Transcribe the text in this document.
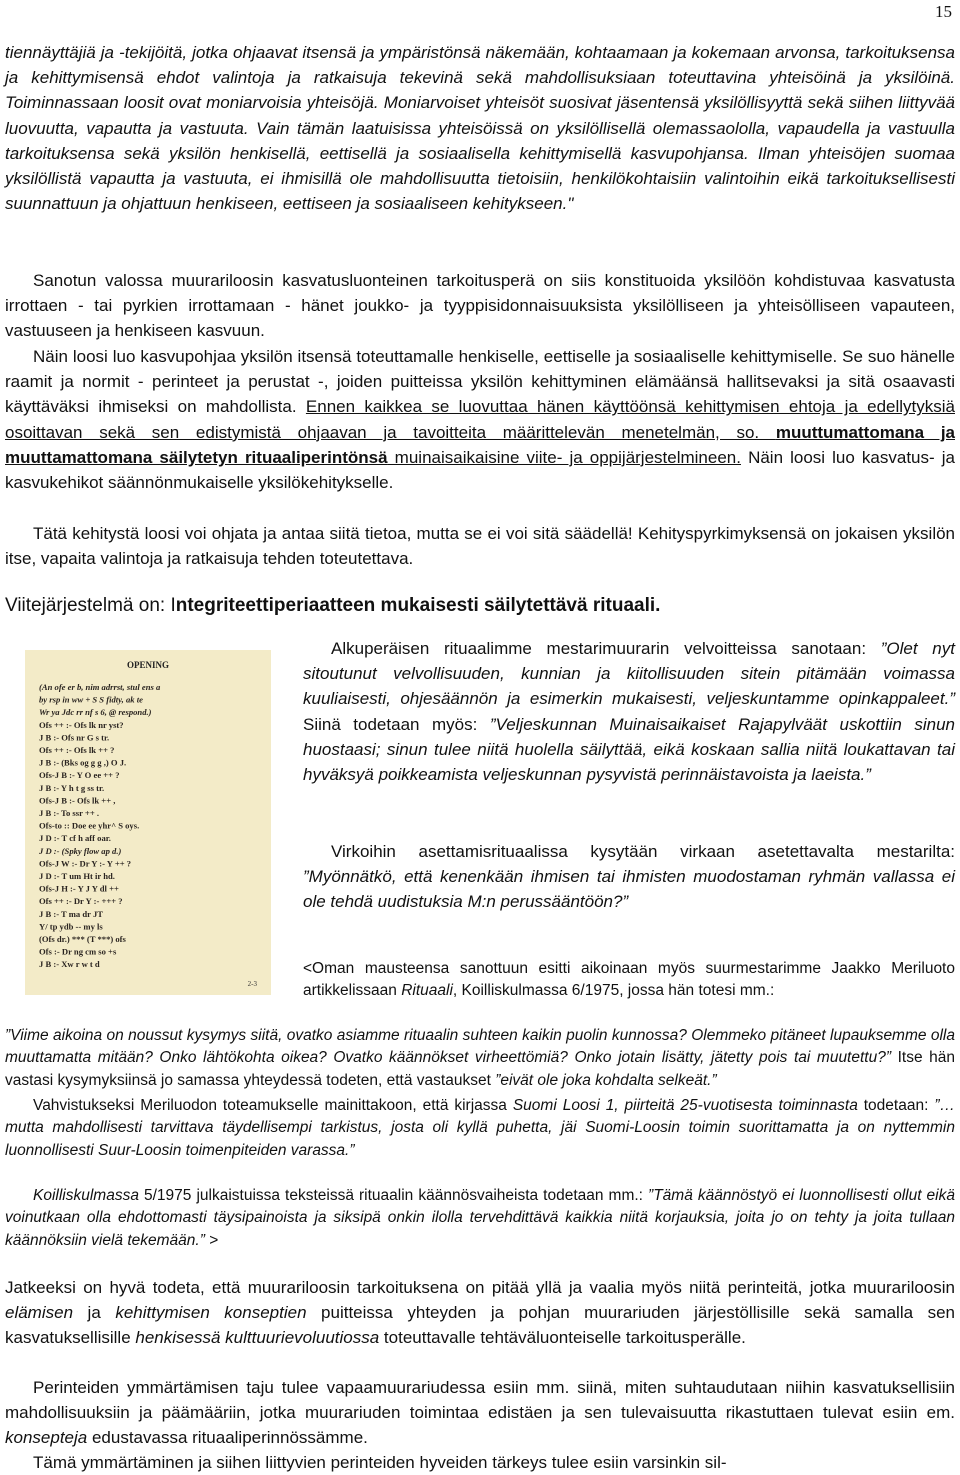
15

tiennäyttäjiä ja -tekijöitä, jotka ohjaavat itsensä ja ympäristönsä näkemään, kohtaamaan ja kokemaan arvonsa, tarkoituksensa ja kehittymisensä ehdot valintoja ja ratkaisuja tekevinä sekä mahdollisuksiaan toteuttavina yhteisöinä ja yksilöinä. Toiminnassaan loosit ovat moniarvoisia yhteisöjä. Moniarvoiset yhteisöt suosivat jäsentensä yksilöllisyyttä sekä siihen liittyvää luovuutta, vapautta ja vastuuta. Vain tämän laatuisissa yhteisöissä on yksilöllisellä olemassaololla, vapaudella ja vastuulla tarkoituksensa sekä yksilön henkisellä, eettisellä ja sosiaalisella kehittymisellä kasvupohjansa. Ilman yhteisöjen suomaa yksilöllistä vapautta ja vastuuta, ei ihmisillä ole mahdollisuutta tietoisiin, henkilökohtaisiin valintoihin eikä tarkoituksellisesti suunnattuun ja ohjattuun henkiseen, eettiseen ja sosiaaliseen kehitykseen."

Sanotun valossa muurariloosin kasvatusluonteinen tarkoitusperä on siis konstituoida yksilöön kohdistuvaa kasvatusta irrottaen - tai pyrkien irrottamaan - hänet joukko- ja tyyppisidonnaisuuksista yksilölliseen ja yhteisölliseen vapauteen, vastuuseen ja henkiseen kasvuun.

Näin loosi luo kasvupohjaa yksilön itsensä toteuttamalle henkiselle, eettiselle ja sosiaaliselle kehittymiselle. Se suo hänelle raamit ja normit - perinteet ja perustat -, joiden puitteissa yksilön kehittyminen elämäänsä hallitsevaksi ja sitä osaavasti käyttäväksi ihmiseksi on mahdollista. Ennen kaikkea se luovuttaa hänen käyttöönsä kehittymisen ehtoja ja edellytyksiä osoittavan sekä sen edistymistä ohjaavan ja tavoitteita määrittelevän menetelmän, so. muuttumattomana ja muuttamattomana säilytetyn rituaaliperintönsä muinaisaikaisine viite- ja oppijärjestelmineen. Näin loosi luo kasvatus- ja kasvukehikot säännönmukaiselle yksilökehitykselle.

Tätä kehitystä loosi voi ohjata ja antaa siitä tietoa, mutta se ei voi sitä säädellä! Kehityspyrkimyksensä on jokaisen yksilön itse, vapaita valintoja ja ratkaisuja tehden toteutettava.

Viitejärjestelmä on: Integriteettiperiaatteen mukaisesti säilytettävä rituaali.
OPENING
(An ofe er b, nim adrrst, stul ens a
by rsp in ww + S S fidty, ak te
Wr ya Jdc rr nf s 6, @ respond.)
Ofs ++ :- Ofs lk nr yst?
J B :- Ofs nr G s tr.
Ofs ++ :- Ofs lk ++ ?
J B :- (Bks og g g ,) O J.
Ofs-J B :- Y O ee ++ ?
J B :- Y h t g ss tr.
Ofs-J B :- Ofs lk ++ ,
J B :- To ssr ++ .
Ofs-to :: Doe ee yhr^ S oys.
J D :- T cf h aff oar.
J D :- (Spky flow ap d.)
Ofs-J W :- Dr Y :- Y ++ ?
J D :- T um Ht ir hd.
Ofs-J H :- Y J Y dl ++
Ofs ++ :- Dr Y :- +++ ?
J B :- T ma dr JT
Y/ tp ydb -- my ls
(Ofs dr.) *** (T ***) ofs
Ofs :- Dr ng cm so +s
J B :- Xw r w t d
2-3

Alkuperäisen rituaalimme mestarimuurarin velvoitteissa sanotaan: ”Olet nyt sitoutunut velvollisuuden, kunnian ja kiitollisuuden sitein pitämään voimassa kuuliaisesti, ohjesäännön ja esimerkin mukaisesti, veljeskuntamme opinkappaleet.” Siinä todetaan myös: ”Veljeskunnan Muinaisaikaiset Rajapylväät uskottiin sinun huostaasi; sinun tulee niitä huolella säilyttää, eikä koskaan sallia niitä loukattavan tai hyväksyä poikkeamista veljeskunnan pysyvistä perinnäistavoista ja laeista.”

Virkoihin asettamisrituaalissa kysytään virkaan asetettavalta mestarilta: ”Myönnätkö, että kenenkään ihmisen tai ihmisten muodostaman ryhmän vallassa ei ole tehdä uudistuksia M:n perussääntöön?”

<Oman mausteensa sanottuun esitti aikoinaan myös suurmestarimme Jaakko Meriluoto artikkelissaan Rituaali, Koilliskulmassa 6/1975, jossa hän totesi mm.:

”Viime aikoina on noussut kysymys siitä, ovatko asiamme rituaalin suhteen kaikin puolin kunnossa? Olemmeko pitäneet lupauksemme olla muuttamatta mitään? Onko lähtökohta oikea? Ovatko käännökset virheettömiä? Onko jotain lisätty, jätetty pois tai muutettu?” Itse hän vastasi kysymyksiinsä jo samassa yhteydessä todeten, että vastaukset ”eivät ole joka kohdalta selkeät.”

Vahvistukseksi Meriluodon toteamukselle mainittakoon, että kirjassa Suomi Loosi 1, piirteitä 25-vuotisesta toiminnasta todetaan: ”…mutta mahdollisesti tarvittava täydellisempi tarkistus, josta oli kyllä puhetta, jäi Suomi-Loosin toimin suorittamatta ja on nyttemmin luonnollisesti Suur-Loosin toimenpiteiden varassa.”

Koilliskulmassa 5/1975 julkaistuissa teksteissä rituaalin käännösvaiheista todetaan mm.: ”Tämä käännöstyö ei luonnollisesti ollut eikä voinutkaan olla ehdottomasti täysipainoista ja siksipä onkin ilolla tervehdittävä kaikkia niitä korjauksia, joita jo on tehty ja joita tullaan käännöksiin vielä tekemään.” >

Jatkeeksi on hyvä todeta, että muurariloosin tarkoituksena on pitää yllä ja vaalia myös niitä perinteitä, jotka muurariloosin elämisen ja kehittymisen konseptien puitteissa yhteyden ja pohjan muurariuden järjestöllisille sekä samalla sen kasvatuksellisille henkisessä kulttuurievoluutiossa toteuttavalle tehtäväluonteiselle tarkoitusperälle.

Perinteiden ymmärtämisen taju tulee vapaamuurariudessa esiin mm. siinä, miten suhtaudutaan niihin kasvatuksellisiin mahdollisuuksiin ja päämääriin, jotka muurariuden toimintaa edistäen ja sen tulevaisuutta rikastuttaen tulevat esiin em. konsepteja edustavassa rituaaliperinnössämme.

Tämä ymmärtäminen ja siihen liittyvien perinteiden hyveiden tärkeys tulee esiin varsinkin sil-
